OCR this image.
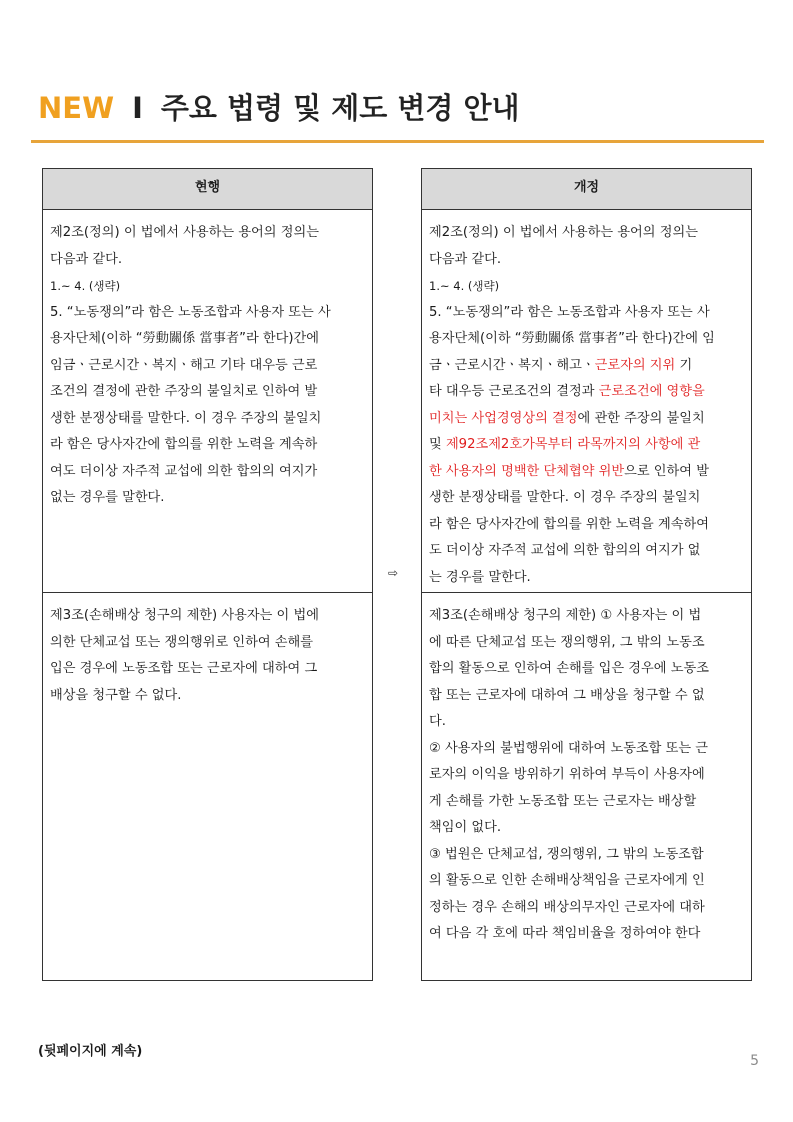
NEW I 주요 법령 및 제도 변경 안내
현행

제2조(정의) 이 법에서 사용하는 용어의 정의는

다음과 같다.

1.~ 4. (생략)

5. “노동쟁의”라 함은 노동조합과 사용자 또는 사

용자단체(이하 “勞動關係 當事者”라 한다)간에

임금ㆍ근로시간ㆍ복지ㆍ해고 기타 대우등 근로

조건의 결정에 관한 주장의 불일치로 인하여 발

생한 분쟁상태를 말한다. 이 경우 주장의 불일치

라 함은 당사자간에 합의를 위한 노력을 계속하

여도 더이상 자주적 교섭에 의한 합의의 여지가

없는 경우를 말한다.

제3조(손해배상 청구의 제한) 사용자는 이 법에

의한 단체교섭 또는 쟁의행위로 인하여 손해를

입은 경우에 노동조합 또는 근로자에 대하여 그

배상을 청구할 수 없다.

⇨
개정

제2조(정의) 이 법에서 사용하는 용어의 정의는

다음과 같다.

1.~ 4. (생략)

5. “노동쟁의”라 함은 노동조합과 사용자 또는 사

용자단체(이하 “勞動關係 當事者”라 한다)간에 임

금ㆍ근로시간ㆍ복지ㆍ해고ㆍ근로자의 지위 기

타 대우등 근로조건의 결정과 근로조건에 영향을

미치는 사업경영상의 결정에 관한 주장의 불일치

및 제92조제2호가목부터 라목까지의 사항에 관

한 사용자의 명백한 단체협약 위반으로 인하여 발

생한 분쟁상태를 말한다. 이 경우 주장의 불일치

라 함은 당사자간에 합의를 위한 노력을 계속하여

도 더이상 자주적 교섭에 의한 합의의 여지가 없

는 경우를 말한다.

제3조(손해배상 청구의 제한) ① 사용자는 이 법

에 따른 단체교섭 또는 쟁의행위, 그 밖의 노동조

합의 활동으로 인하여 손해를 입은 경우에 노동조

합 또는 근로자에 대하여 그 배상을 청구할 수 없

다.

② 사용자의 불법행위에 대하여 노동조합 또는 근

로자의 이익을 방위하기 위하여 부득이 사용자에

게 손해를 가한 노동조합 또는 근로자는 배상할

책임이 없다.

③ 법원은 단체교섭, 쟁의행위, 그 밖의 노동조합

의 활동으로 인한 손해배상책임을 근로자에게 인

정하는 경우 손해의 배상의무자인 근로자에 대하

여 다음 각 호에 따라 책임비율을 정하여야 한다

(뒷페이지에 계속)
5
